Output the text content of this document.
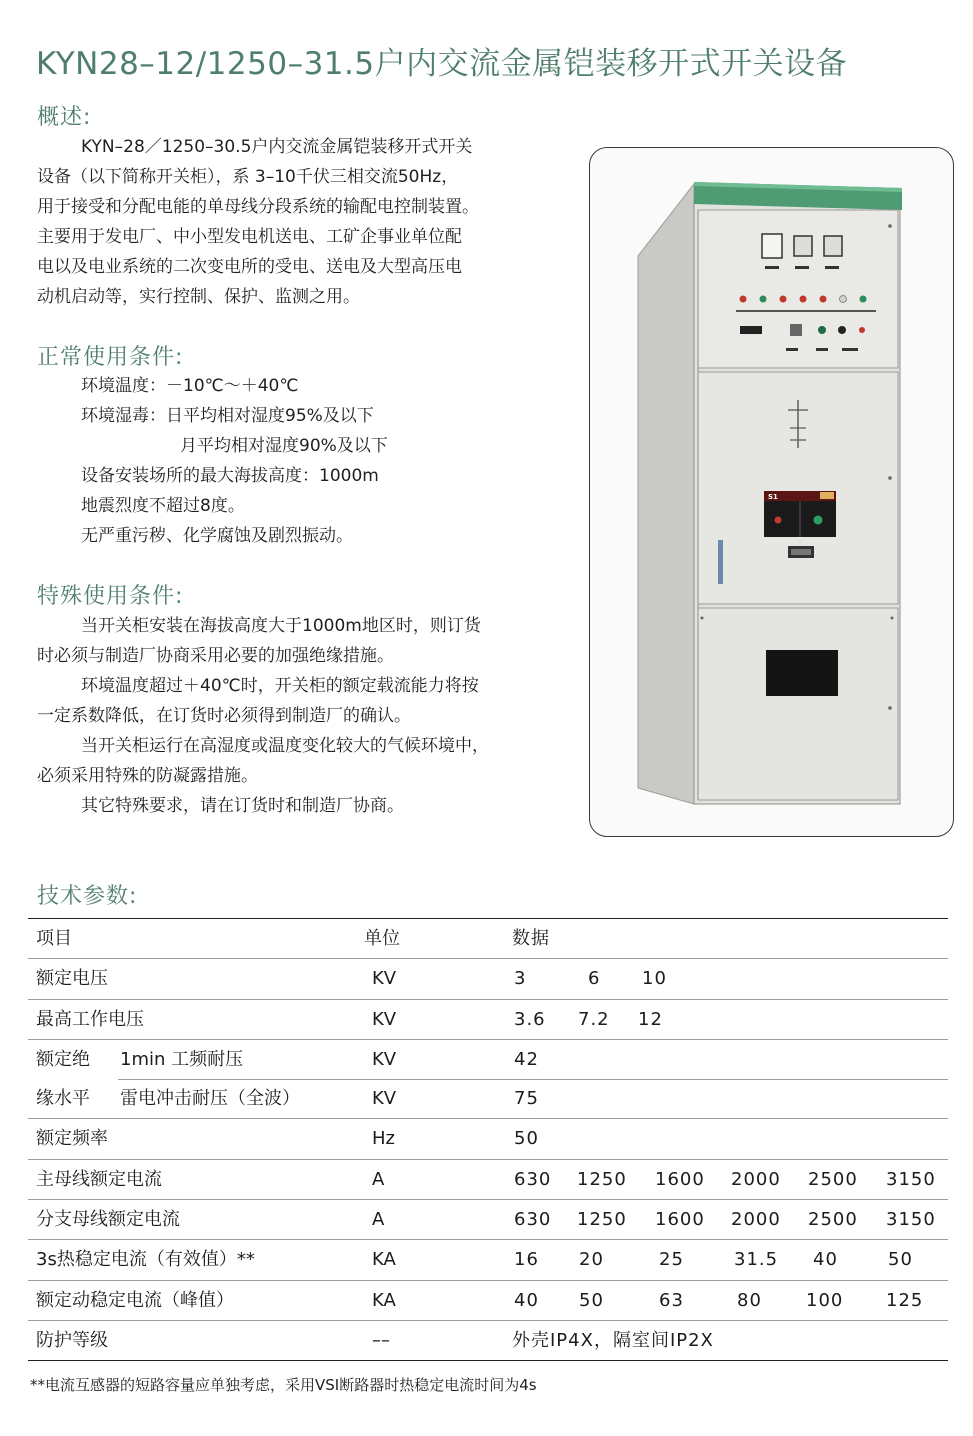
KYN28–12/1250–31.5户内交流金属铠装移开式开关设备
概述:
KYN–28／1250–30.5户内交流金属铠装移开式开关
设备（以下简称开关柜），系 3–10千伏三相交流50Hz，
用于接受和分配电能的单母线分段系统的输配电控制装置。
主要用于发电厂、中小型发电机送电、工矿企事业单位配
电以及电业系统的二次变电所的受电、送电及大型高压电
动机启动等，实行控制、保护、监测之用。
正常使用条件:
环境温度：－10℃～＋40℃
环境湿毒：日平均相对湿度95%及以下
月平均相对湿度90%及以下
设备安装场所的最大海拔高度：1000m
地震烈度不超过8度。
无严重污秽、化学腐蚀及剧烈振动。
特殊使用条件:
当开关柜安装在海拔高度大于1000m地区时，则订货
时必须与制造厂协商采用必要的加强绝缘措施。
环境温度超过＋40℃时，开关柜的额定载流能力将按
一定系数降低，在订货时必须得到制造厂的确认。
当开关柜运行在高湿度或温度变化较大的气候环境中，
必须采用特殊的防凝露措施。
其它特殊要求，请在订货时和制造厂协商。
S1
技术参数:
项目	单位	数据
额定电压	KV	3	6 10
最高工作电压	KV	3.6 7.2 12
额定绝 1min 工频耐压	KV	42
缘水平 雷电冲击耐压（全波）	KV	75
额定频率	Hz	50
主母线额定电流	A	630 1250 1600 2000 2500 3150
分支母线额定电流	A	630 1250 1600 2000 2500 3150
3s热稳定电流（有效值）**	KA	16 20	25	31.5 40	50
额定动稳定电流（峰值）	KA	40 50	63	80 100 125
防护等级	––	外壳IP4X，隔室间IP2X
**电流互感器的短路容量应单独考虑，采用VSI断路器时热稳定电流时间为4s
